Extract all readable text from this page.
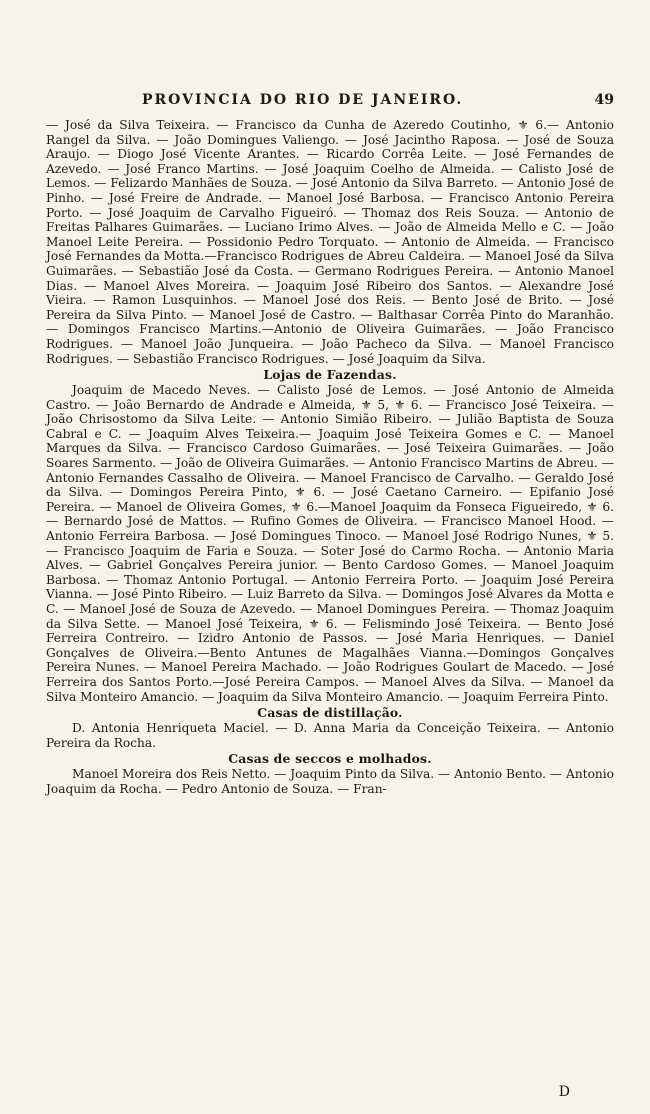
PROVINCIA DO RIO DE JANEIRO.	49

— José da Silva Teixeira. — Francisco da Cunha de Azeredo Coutinho, ⚜ 6.— Antonio Rangel da Silva. — João Domingues Valiengo. — José Jacintho Raposa. — José de Souza Araujo. — Diogo José Vicente Arantes. — Ricardo Corrêa Leite. — José Fernandes de Azevedo. — José Franco Martins. — José Joaquim Coelho de Almeida. — Calisto José de Lemos. — Felizardo Manhães de Souza. — José Antonio da Silva Barreto. — Antonio José de Pinho. — José Freire de Andrade. — Manoel José Barbosa. — Francisco Antonio Pereira Porto. — José Joaquim de Carvalho Figueiró. — Thomaz dos Reis Souza. — Antonio de Freitas Palhares Guimarães. — Luciano Irimo Alves. — João de Almeida Mello e C. — João Manoel Leite Pereira. — Possidonio Pedro Torquato. — Antonio de Almeida. — Francisco José Fernandes da Motta.—Francisco Rodrigues de Abreu Caldeira. — Manoel José da Silva Guimarães. — Sebastião José da Costa. — Germano Rodrigues Pereira. — Antonio Manoel Dias. — Manoel Alves Moreira. — Joaquim José Ribeiro dos Santos. — Alexandre José Vieira. — Ramon Lusquinhos. — Manoel José dos Reis. — Bento José de Brito. — José Pereira da Silva Pinto. — Manoel José de Castro. — Balthasar Corrêa Pinto do Maranhão. — Domingos Francisco Martins.—Antonio de Oliveira Guimarães. — João Francisco Rodrigues. — Manoel João Junqueira. — João Pacheco da Silva. — Manoel Francisco Rodrigues. — Sebastião Francisco Rodrigues. — José Joaquim da Silva.

Lojas de Fazendas.

Joaquim de Macedo Neves. — Calisto José de Lemos. — José Antonio de Almeida Castro. — João Bernardo de Andrade e Almeida, ⚜ 5, ⚜ 6. — Francisco José Teixeira. — João Chrisostomo da Silva Leite. — Antonio Simião Ribeiro. — Julião Baptista de Souza Cabral e C. — Joaquim Alves Teixeira.— Joaquim José Teixeira Gomes e C. — Manoel Marques da Silva. — Francisco Cardoso Guimarães. — José Teixeira Guimarães. — João Soares Sarmento. — João de Oliveira Guimarães. — Antonio Francisco Martins de Abreu. — Antonio Fernandes Cassalho de Oliveira. — Manoel Francisco de Carvalho. — Geraldo José da Silva. — Domingos Pereira Pinto, ⚜ 6. — José Caetano Carneiro. — Epifanio José Pereira. — Manoel de Oliveira Gomes, ⚜ 6.—Manoel Joaquim da Fonseca Figueiredo, ⚜ 6. — Bernardo José de Mattos. — Rufino Gomes de Oliveira. — Francisco Manoel Hood. — Antonio Ferreira Barbosa. — José Domingues Tinoco. — Manoel José Rodrigo Nunes, ⚜ 5. — Francisco Joaquim de Faria e Souza. — Soter José do Carmo Rocha. — Antonio Maria Alves. — Gabriel Gonçalves Pereira junior. — Bento Cardoso Gomes. — Manoel Joaquim Barbosa. — Thomaz Antonio Portugal. — Antonio Ferreira Porto. — Joaquim José Pereira Vianna. — José Pinto Ribeiro. — Luiz Barreto da Silva. — Domingos José Alvares da Motta e C. — Manoel José de Souza de Azevedo. — Manoel Domingues Pereira. — Thomaz Joaquim da Silva Sette. — Manoel José Teixeira, ⚜ 6. — Felismindo José Teixeira. — Bento José Ferreira Contreiro. — Izidro Antonio de Passos. — José Maria Henriques. — Daniel Gonçalves de Oliveira.—Bento Antunes de Magalhães Vianna.—Domingos Gonçalves Pereira Nunes. — Manoel Pereira Machado. — João Rodrigues Goulart de Macedo. — José Ferreira dos Santos Porto.—José Pereira Campos. — Manoel Alves da Silva. — Manoel da Silva Monteiro Amancio. — Joaquim da Silva Monteiro Amancio. — Joaquim Ferreira Pinto.

Casas de distillação.

D. Antonia Henriqueta Maciel. — D. Anna Maria da Conceição Teixeira. — Antonio Pereira da Rocha.

Casas de seccos e molhados.

Manoel Moreira dos Reis Netto. — Joaquim Pinto da Silva. — Antonio Bento. — Antonio Joaquim da Rocha. — Pedro Antonio de Souza. — Fran-

D
